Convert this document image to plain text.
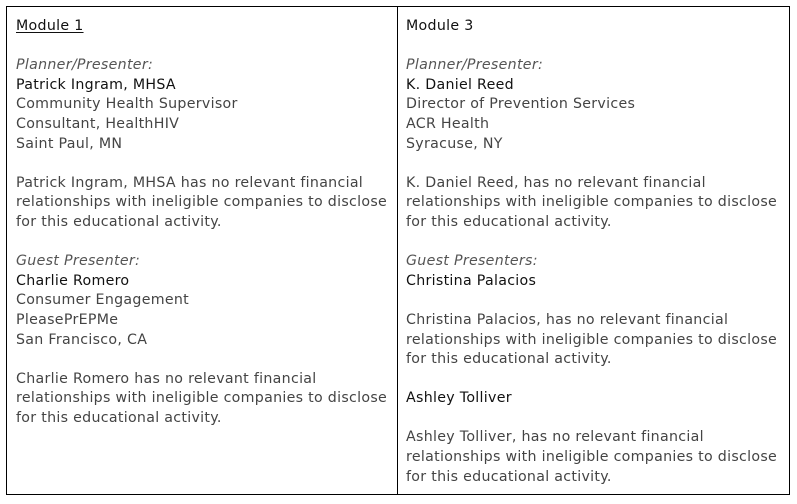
Module 1
Planner/Presenter:
Patrick Ingram, MHSA
Community Health Supervisor
Consultant, HealthHIV
Saint Paul, MN
Patrick Ingram, MHSA has no relevant financial relationships with ineligible companies to disclose for this educational activity.
Guest Presenter:
Charlie Romero
Consumer Engagement
PleasePrEPMe
San Francisco, CA
Charlie Romero has no relevant financial relationships with ineligible companies to disclose for this educational activity.
Module 3
Planner/Presenter:
K. Daniel Reed
Director of Prevention Services
ACR Health
Syracuse, NY
K. Daniel Reed, has no relevant financial relationships with ineligible companies to disclose for this educational activity.
Guest Presenters:
Christina Palacios
Christina Palacios, has no relevant financial relationships with ineligible companies to disclose for this educational activity.
Ashley Tolliver
Ashley Tolliver, has no relevant financial relationships with ineligible companies to disclose for this educational activity.
